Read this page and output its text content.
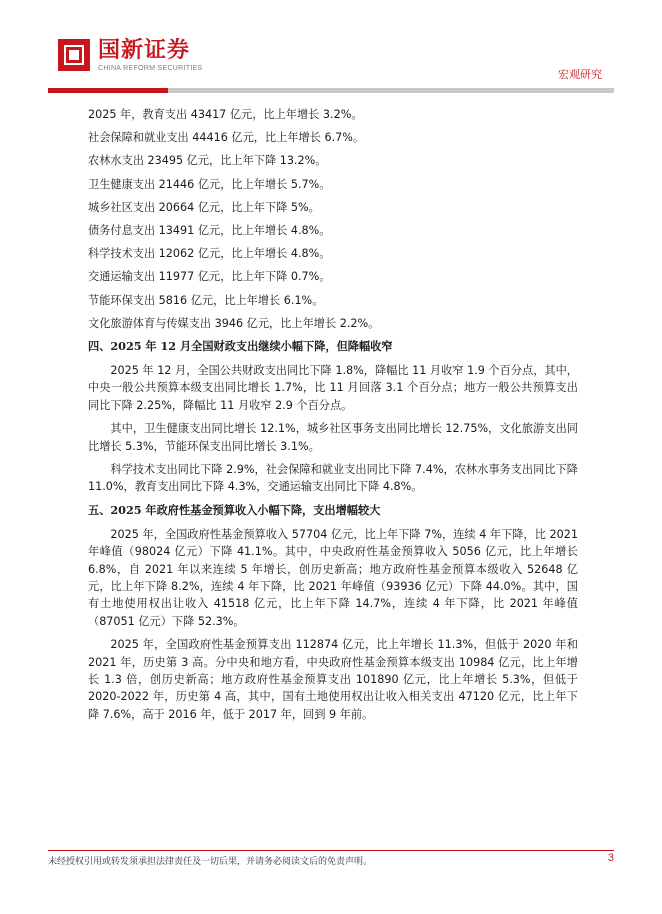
国新证券
CHINA REFORM SECURITIES	宏观研究
2025 年，教育支出 43417 亿元，比上年增长 3.2%。
社会保障和就业支出 44416 亿元，比上年增长 6.7%。
农林水支出 23495 亿元，比上年下降 13.2%。
卫生健康支出 21446 亿元，比上年增长 5.7%。
城乡社区支出 20664 亿元，比上年下降 5%。
债务付息支出 13491 亿元，比上年增长 4.8%。
科学技术支出 12062 亿元，比上年增长 4.8%。
交通运输支出 11977 亿元，比上年下降 0.7%。
节能环保支出 5816 亿元，比上年增长 6.1%。
文化旅游体育与传媒支出 3946 亿元，比上年增长 2.2%。
四、2025 年 12 月全国财政支出继续小幅下降，但降幅收窄

2025 年 12 月，全国公共财政支出同比下降 1.8%，降幅比 11 月收窄 1.9 个百分点，其中，中央一般公共预算本级支出同比增长 1.7%，比 11 月回落 3.1 个百分点；地方一般公共预算支出同比下降 2.25%，降幅比 11 月收窄 2.9 个百分点。

其中，卫生健康支出同比增长 12.1%，城乡社区事务支出同比增长 12.75%，文化旅游支出同比增长 5.3%，节能环保支出同比增长 3.1%。

科学技术支出同比下降 2.9%，社会保障和就业支出同比下降 7.4%，农林水事务支出同比下降 11.0%，教育支出同比下降 4.3%，交通运输支出同比下降 4.8%。

五、2025 年政府性基金预算收入小幅下降，支出增幅较大

2025 年，全国政府性基金预算收入 57704 亿元，比上年下降 7%，连续 4 年下降，比 2021 年峰值（98024 亿元）下降 41.1%。其中，中央政府性基金预算收入 5056 亿元，比上年增长 6.8%，自 2021 年以来连续 5 年增长，创历史新高；地方政府性基金预算本级收入 52648 亿元，比上年下降 8.2%，连续 4 年下降，比 2021 年峰值（93936 亿元）下降 44.0%。其中，国有土地使用权出让收入 41518 亿元，比上年下降 14.7%，连续 4 年下降，比 2021 年峰值（87051 亿元）下降 52.3%。

2025 年，全国政府性基金预算支出 112874 亿元，比上年增长 11.3%，但低于 2020 年和 2021 年，历史第 3 高。分中央和地方看，中央政府性基金预算本级支出 10984 亿元，比上年增长 1.3 倍，创历史新高；地方政府性基金预算支出 101890 亿元，比上年增长 5.3%，但低于 2020-2022 年，历史第 4 高，其中，国有土地使用权出让收入相关支出 47120 亿元，比上年下降 7.6%，高于 2016 年，低于 2017 年，回到 9 年前。

未经授权引用或转发须承担法律责任及一切后果，并请务必阅读文后的免责声明。	3
